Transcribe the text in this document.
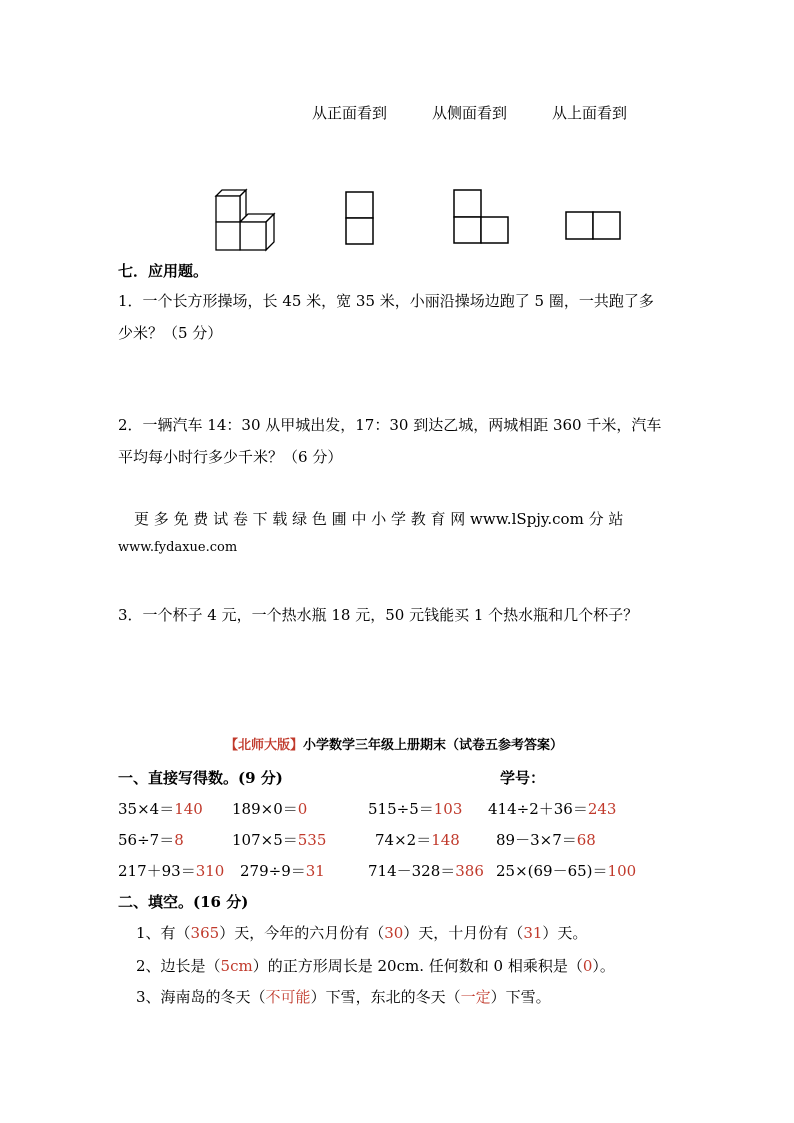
从正面看到	从侧面看到	从上面看到
七．应用题。
1．一个长方形操场，长 45 米，宽 35 米，小丽沿操场边跑了 5 圈，一共跑了多
少米？（5 分）
2．一辆汽车 14：30 从甲城出发，17：30 到达乙城，两城相距 360 千米，汽车
平均每小时行多少千米？（6 分）
更 多 免 费 试 卷 下 载 绿 色 圃 中 小 学 教 育 网 www.lSpjy.com 分 站
www.fydaxue.com
3．一个杯子 4 元，一个热水瓶 18 元，50 元钱能买 1 个热水瓶和几个杯子？
【北师大版】小学数学三年级上册期末（试卷五参考答案）
一、直接写得数。(9 分)	学号：
35×4＝140 189×0＝0	515÷5＝103 414÷2＋36＝243
56÷7＝8	107×5＝535	74×2＝148 89－3×7＝68
217＋93＝310 279÷9＝31	714－328＝386 25×(69－65)＝100
二、填空。(16 分)
1、有（365）天，今年的六月份有（30）天，十月份有（31）天。
2、边长是（5cm）的正方形周长是 20cm. 任何数和 0 相乘积是（0）。
3、海南岛的冬天（不可能）下雪，东北的冬天（一定）下雪。
